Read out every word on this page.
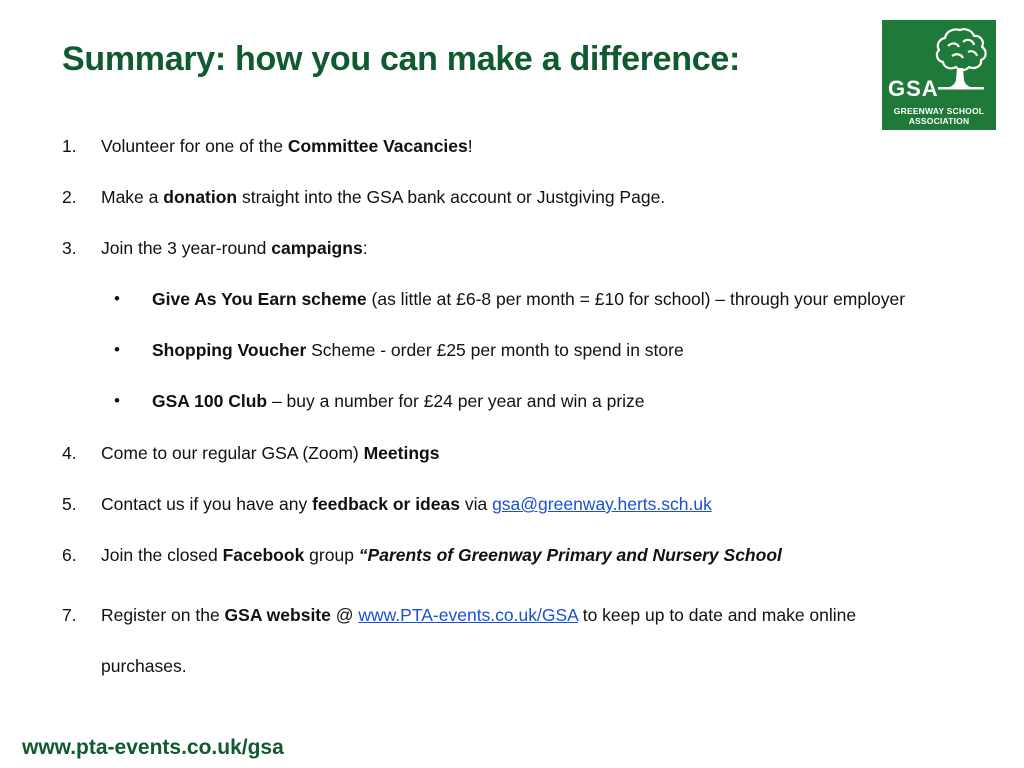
Summary: how you can make a difference:
GSA
GREENWAY SCHOOL
ASSOCIATION
1. Volunteer for one of the Committee Vacancies!
2. Make a donation straight into the GSA bank account or Justgiving Page.
3. Join the 3 year-round campaigns:
• Give As You Earn scheme (as little at £6-8 per month = £10 for school) – through your employer
• Shopping Voucher Scheme - order £25 per month to spend in store
• GSA 100 Club – buy a number for £24 per year and win a prize
4. Come to our regular GSA (Zoom) Meetings
5. Contact us if you have any feedback or ideas via gsa@greenway.herts.sch.uk
6. Join the closed Facebook group “Parents of Greenway Primary and Nursery School
7. Register on the GSA website @ www.PTA-events.co.uk/GSA to keep up to date and make online
purchases.
www.pta-events.co.uk/gsa
